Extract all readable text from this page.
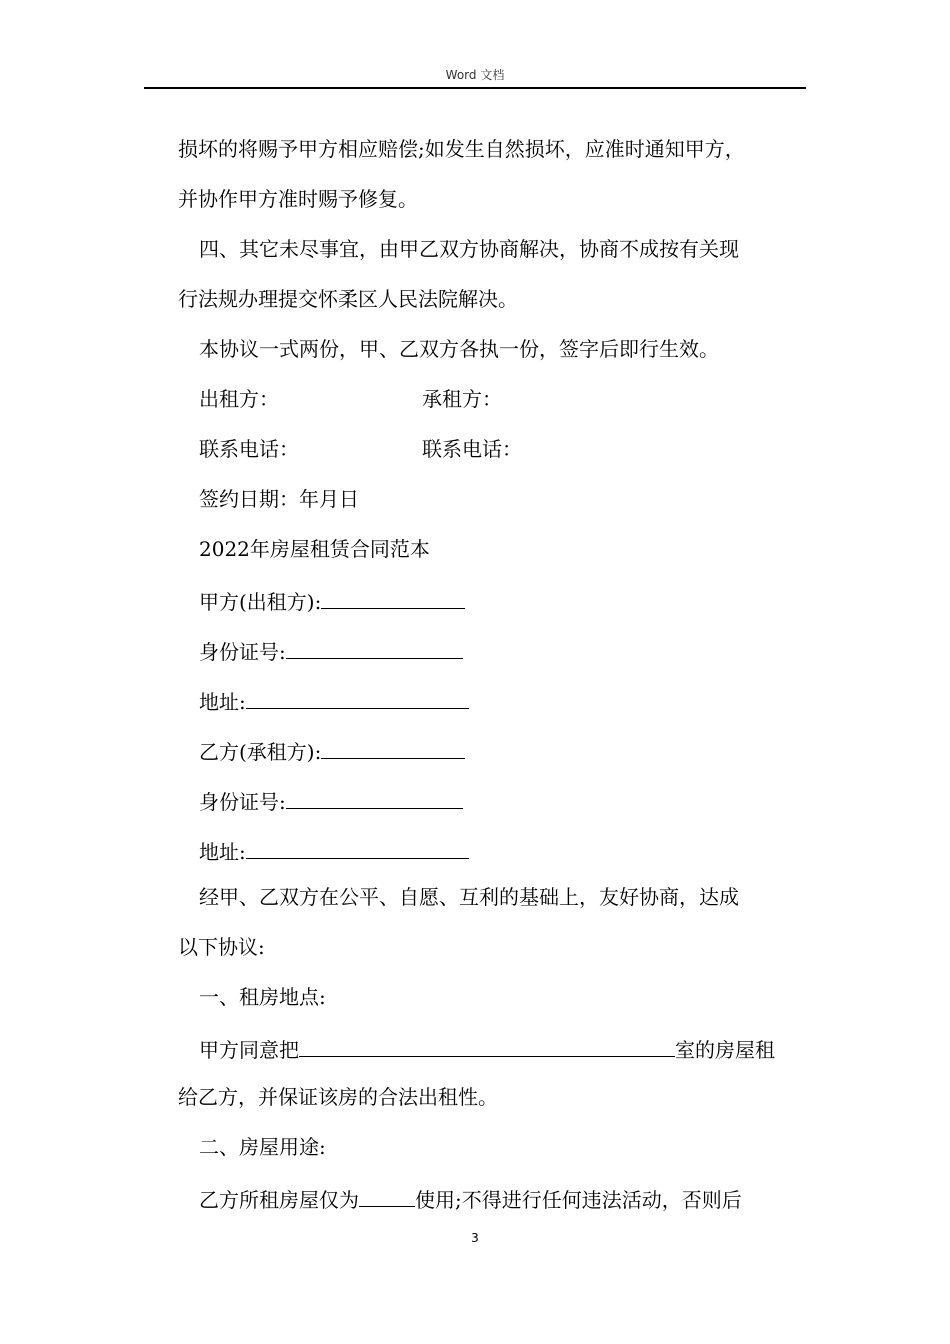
Word 文档
损坏的将赐予甲方相应赔偿;如发生自然损坏，应准时通知甲方，
并协作甲方准时赐予修复。
四、其它未尽事宜，由甲乙双方协商解决，协商不成按有关现
行法规办理提交怀柔区人民法院解决。
本协议一式两份，甲、乙双方各执一份，签字后即行生效。
出租方：	承租方：
联系电话：	联系电话：
签约日期：年月日
2022年房屋租赁合同范本
甲方(出租方):
身份证号:
地址:
乙方(承租方):
身份证号:
地址:
经甲、乙双方在公平、自愿、互利的基础上，友好协商，达成
以下协议:
一、租房地点:
甲方同意把	室的房屋租
给乙方，并保证该房的合法出租性。
二、房屋用途:
乙方所租房屋仅为	使用;不得进行任何违法活动，否则后
3
